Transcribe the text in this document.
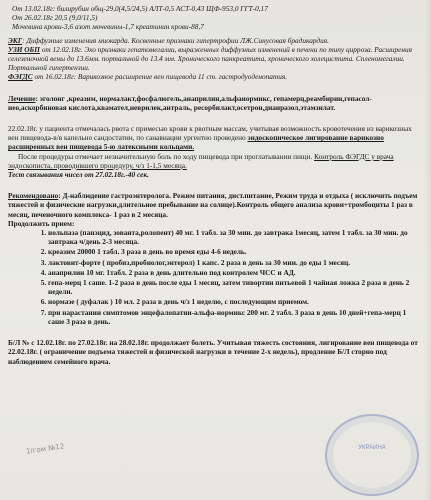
От 13.02.18г: билирубин общ-29,0(4,5/24,5) АЛТ-0,5 АСТ-0,43 ЩФ-953,0 ГГТ-0,17
От 26.02.18г 20,5 (9,0/11,5)
Мочевина крови-3,6 азот мочевины-1,7 креатинин крови-88,7

ЭКГ: Диффузные изменения миокарда. Косвенные признаки гипертрофии ЛЖ.Синусовая брадикардия.

УЗИ ОБП от 12.02.18г. Эхо признаки гепатомегалии, выраженных диффузных изменений в печени по типу цирроза. Расширения селезеночной вены до 13.6мм. портальной до 13.4 мм. Хронического панкреатита, хронического холецистита. Спленомегалии. Портальной гипертензии.

ФЭГДС от 16.02.18г: Варикозное расширение вен пищевода 11 ст. гастродуоденопатия.

Лечение: эголонг ,креазим, нормалакт,фосфалюгель,анаприлин,альфанормикс, гепамерц,реамбирин,гепасол-нео,аскорбиновая кислота,квамател,неврилек,антраль, ресорбилакт,осетрон,дианразол,этамзилат.

22.02.18г. у пациента отмечалась рвота с примесью крови к рвотным массам, учитывая возможность кровотечения из варикозных вен пищевода-в/в капельно сандостатин, по санавиации ургентно проведено эндоскопическое лигирование варикозно расширенных вен пищевода 5-ю латексными кольцами.

После процедуры отмечает незначительную боль по ходу пищевода при проглатывании пищи. Контроль ФЭГДС у врача эндоскописта, проводившего процедуру, ч/з 1-1,5 месяца.

Тест связывания чисел от 27.02.18г.-40 сек.

Рекомендовано: Д-наблюдение гастроэнтеролога. Режим питания, дист.питание, Режим труда и отдыха ( исключить подъем тяжестей и физические нагрузки,длительное пребывание на солнце).Контроль общего анализа крови+тромбоциты 1 раз в месяц, печеночного комплекса- 1 раз в 2 месяца.

Продолжить прием:

1. нольпаза (панэцид, зованта,ролопент) 40 мг. 1 табл. за 30 мин. до завтрака 1месяц, затем 1 табл. за 30 мин. до завтрака ч/день 2-3 месяца.
2. креазим 20000 1 табл. 3 раза в день во время еды 4-6 недель.
3. лактовит-форте ( пробиз,пробиолог,энтерол) 1 капс. 2 раза в день за 30 мин. до еды 1 месяц.
4. анаприлин 10 мг. 1табл. 2 раза в день длительно под контролем ЧСС и АД.
5. гепа-мерц 1 саше. 1-2 раза в день после еды 1 месяц, затем тивортин питьевой 1 чайная ложка 2 раза в день 2 недели.
6. нормазе ( дуфалак ) 10 мл. 2 раза в день ч/з 1 неделю, с последующим приемом.
7. при нарастании симптомов энцефалопатии-альфа-нормикс 200 мг. 2 табл. 3 раза в день 10 дней+гепа-мерц 1 саше 3 раза в день.

Б/Л № с 12.02.18г. по 27.02.18г. на 28.02.18г. продолжает болеть. Учитывая тяжесть состояния, лигирование вен пищевода от 22.02.18г. ( ограничение подъема тяжестей и физической нагрузки в течение 2-х недель), продление Б/Л сторно под наблюдением семейного врача.

1/гом №12	УКРАИНА
